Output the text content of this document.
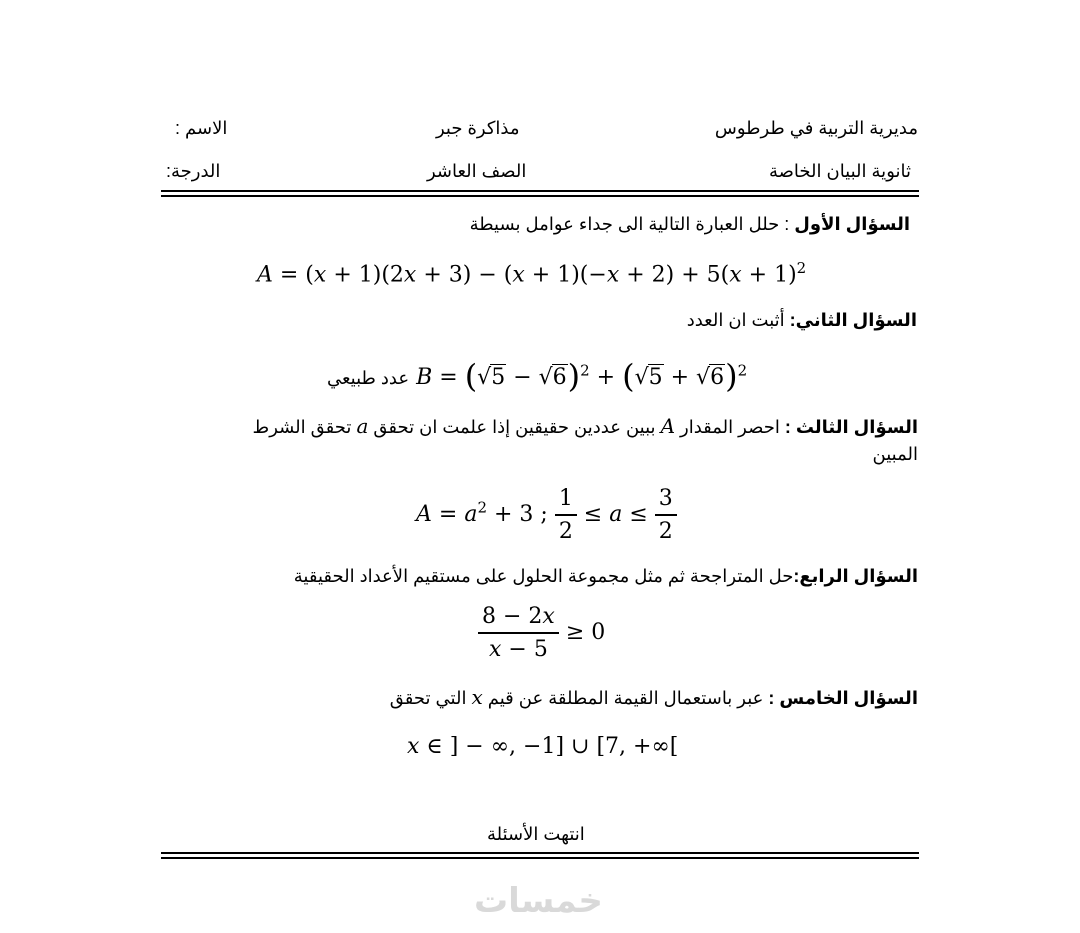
مديرية التربية في طرطوس
مذاكرة جبر
الاسم :
ثانوية البيان الخاصة
الصف العاشر
الدرجة:
السؤال الأول : حلل العبارة التالية الى جداء عوامل بسيطة
$A = (x + 1)(2x + 3) - (x + 1)(-x + 2) + 5(x + 1)^2$
السؤال الثاني: أثبت ان العدد
عدد طبيعي $B = (√5 - √6)^2 + (√5 + √6)^2$
السؤال الثالث : احصر المقدار A ببين عددين حقيقين إذا علمت ان تحقق a تحقق الشرط
المبين
$A = a^2 + 3$ ; $\frac{1}{2} \le a \le \frac{3}{2}$
السؤال الرابع:حل المتراجحة ثم مثل مجموعة الحلول على مستقيم الأعداد الحقيقية
$\frac{8 - 2x}{x - 5} \ge 0$
السؤال الخامس : عبر باستعمال القيمة المطلقة عن قيم x التي تحقق
x ∈ ] − ∞, −1] ∪ [7, +∞[
انتهت الأسئلة
خمسات
